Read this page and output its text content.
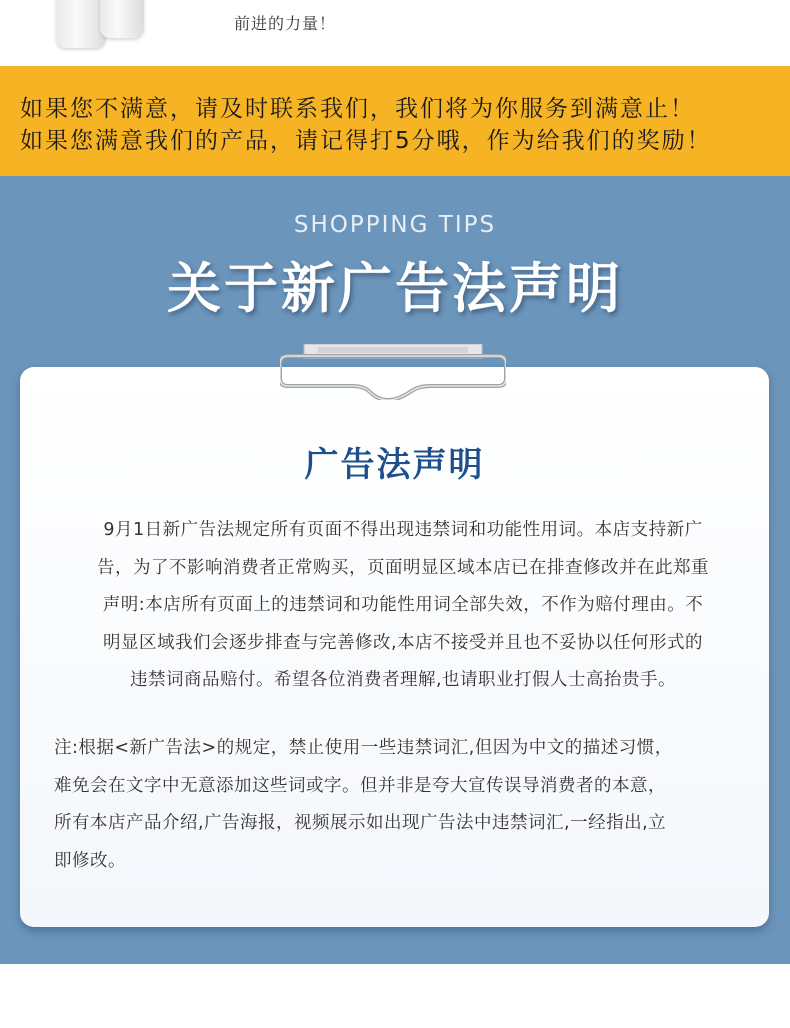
前进的力量！
如果您不满意，请及时联系我们，我们将为你服务到满意止！
如果您满意我们的产品，请记得打5分哦，作为给我们的奖励！
SHOPPING TIPS
关于新广告法声明
广告法声明
9月1日新广告法规定所有页面不得出现违禁词和功能性用词。本店支持新广
告，为了不影响消费者正常购买，页面明显区域本店已在排查修改并在此郑重
声明:本店所有页面上的违禁词和功能性用词全部失效，不作为赔付理由。不
明显区域我们会逐步排查与完善修改,本店不接受并且也不妥协以任何形式的
违禁词商品赔付。希望各位消费者理解,也请职业打假人士高抬贵手。
注:根据<新广告法>的规定，禁止使用一些违禁词汇,但因为中文的描述习惯，
难免会在文字中无意添加这些词或字。但并非是夸大宣传误导消费者的本意，
所有本店产品介绍,广告海报，视频展示如出现广告法中违禁词汇,一经指出,立
即修改。
